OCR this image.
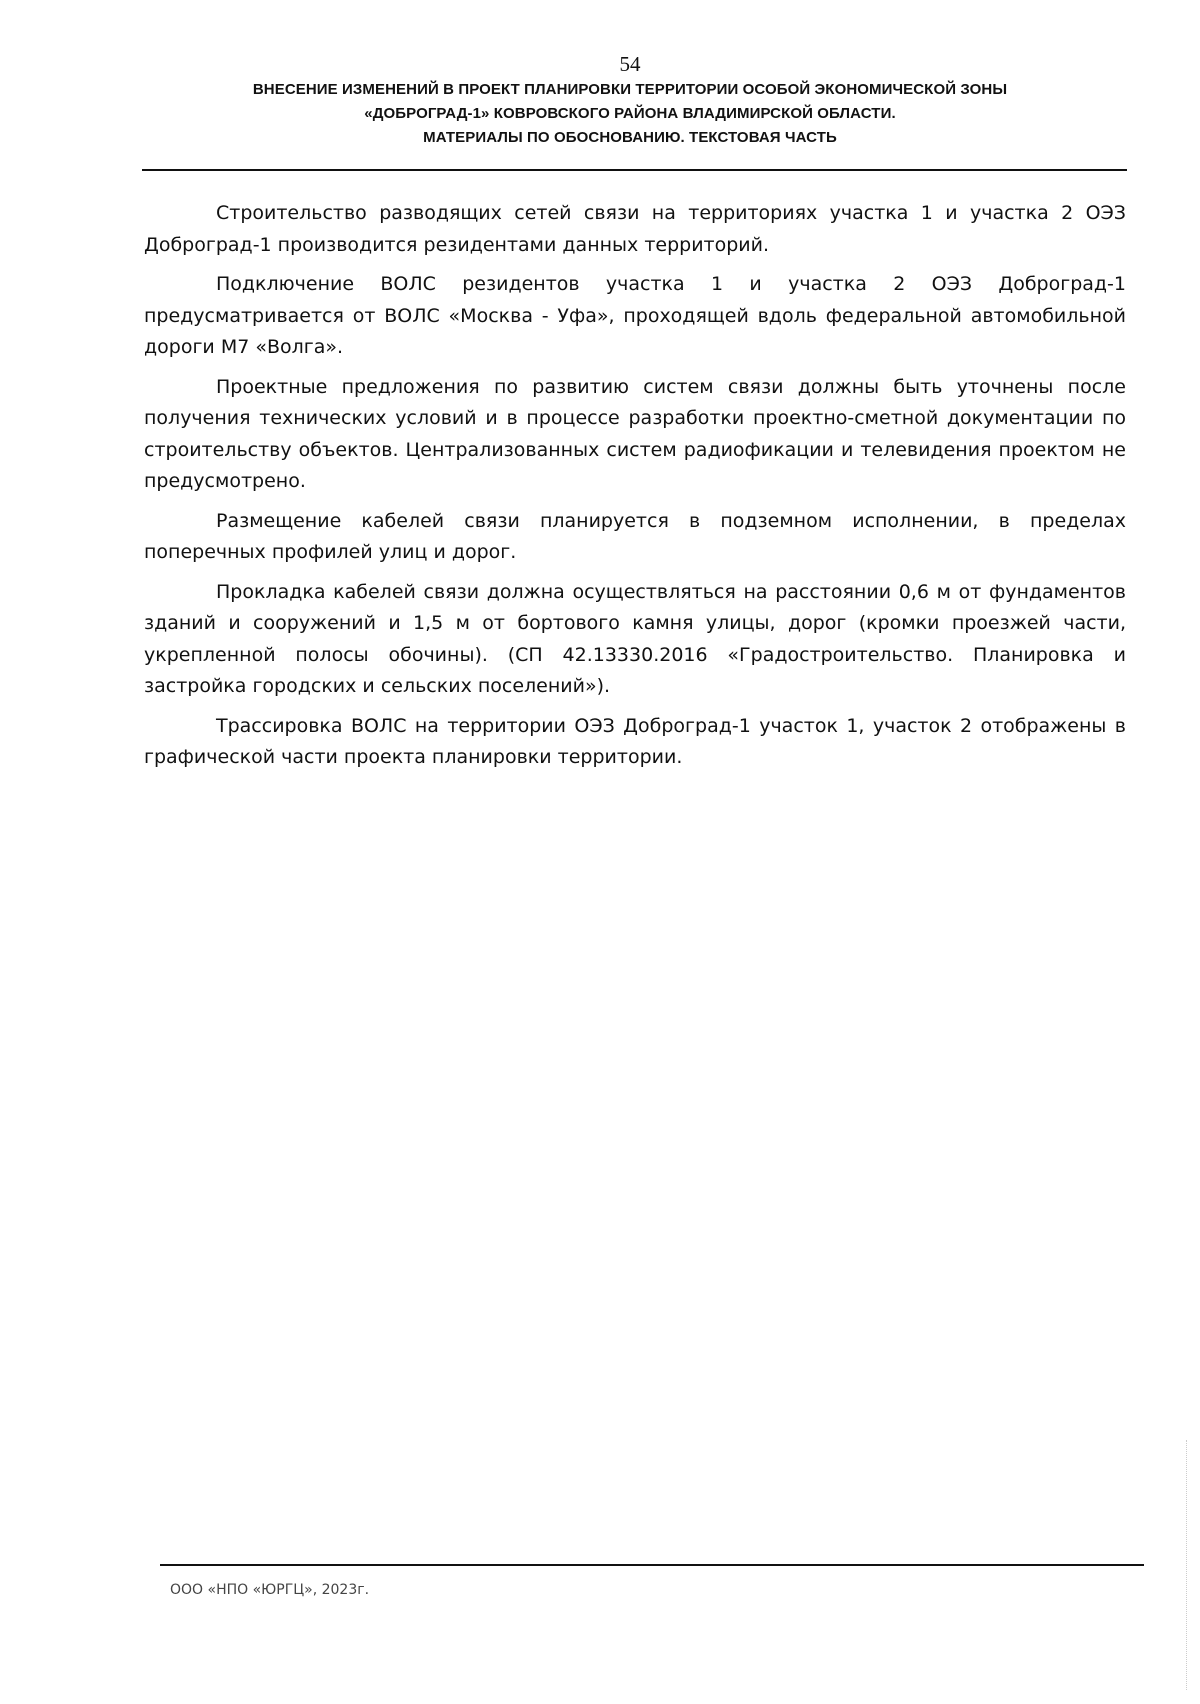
54
ВНЕСЕНИЕ ИЗМЕНЕНИЙ В ПРОЕКТ ПЛАНИРОВКИ ТЕРРИТОРИИ ОСОБОЙ ЭКОНОМИЧЕСКОЙ ЗОНЫ
«ДОБРОГРАД-1» КОВРОВСКОГО РАЙОНА ВЛАДИМИРСКОЙ ОБЛАСТИ.
МАТЕРИАЛЫ ПО ОБОСНОВАНИЮ. ТЕКСТОВАЯ ЧАСТЬ

Строительство разводящих сетей связи на территориях участка 1 и участка 2 ОЭЗ Доброград-1 производится резидентами данных территорий.

Подключение ВОЛС резидентов участка 1 и участка 2 ОЭЗ Доброград-1 предусматривается от ВОЛС «Москва - Уфа», проходящей вдоль федеральной автомобильной дороги М7 «Волга».

Проектные предложения по развитию систем связи должны быть уточнены после получения технических условий и в процессе разработки проектно-сметной документации по строительству объектов. Централизованных систем радиофикации и телевидения проектом не предусмотрено.

Размещение кабелей связи планируется в подземном исполнении, в пределах поперечных профилей улиц и дорог.

Прокладка кабелей связи должна осуществляться на расстоянии 0,6 м от фундаментов зданий и сооружений и 1,5 м от бортового камня улицы, дорог (кромки проезжей части, укрепленной полосы обочины). (СП 42.13330.2016 «Градостроительство. Планировка и застройка городских и сельских поселений»).

Трассировка ВОЛС на территории ОЭЗ Доброград-1 участок 1, участок 2 отображены в графической части проекта планировки территории.

ООО «НПО «ЮРГЦ», 2023г.
